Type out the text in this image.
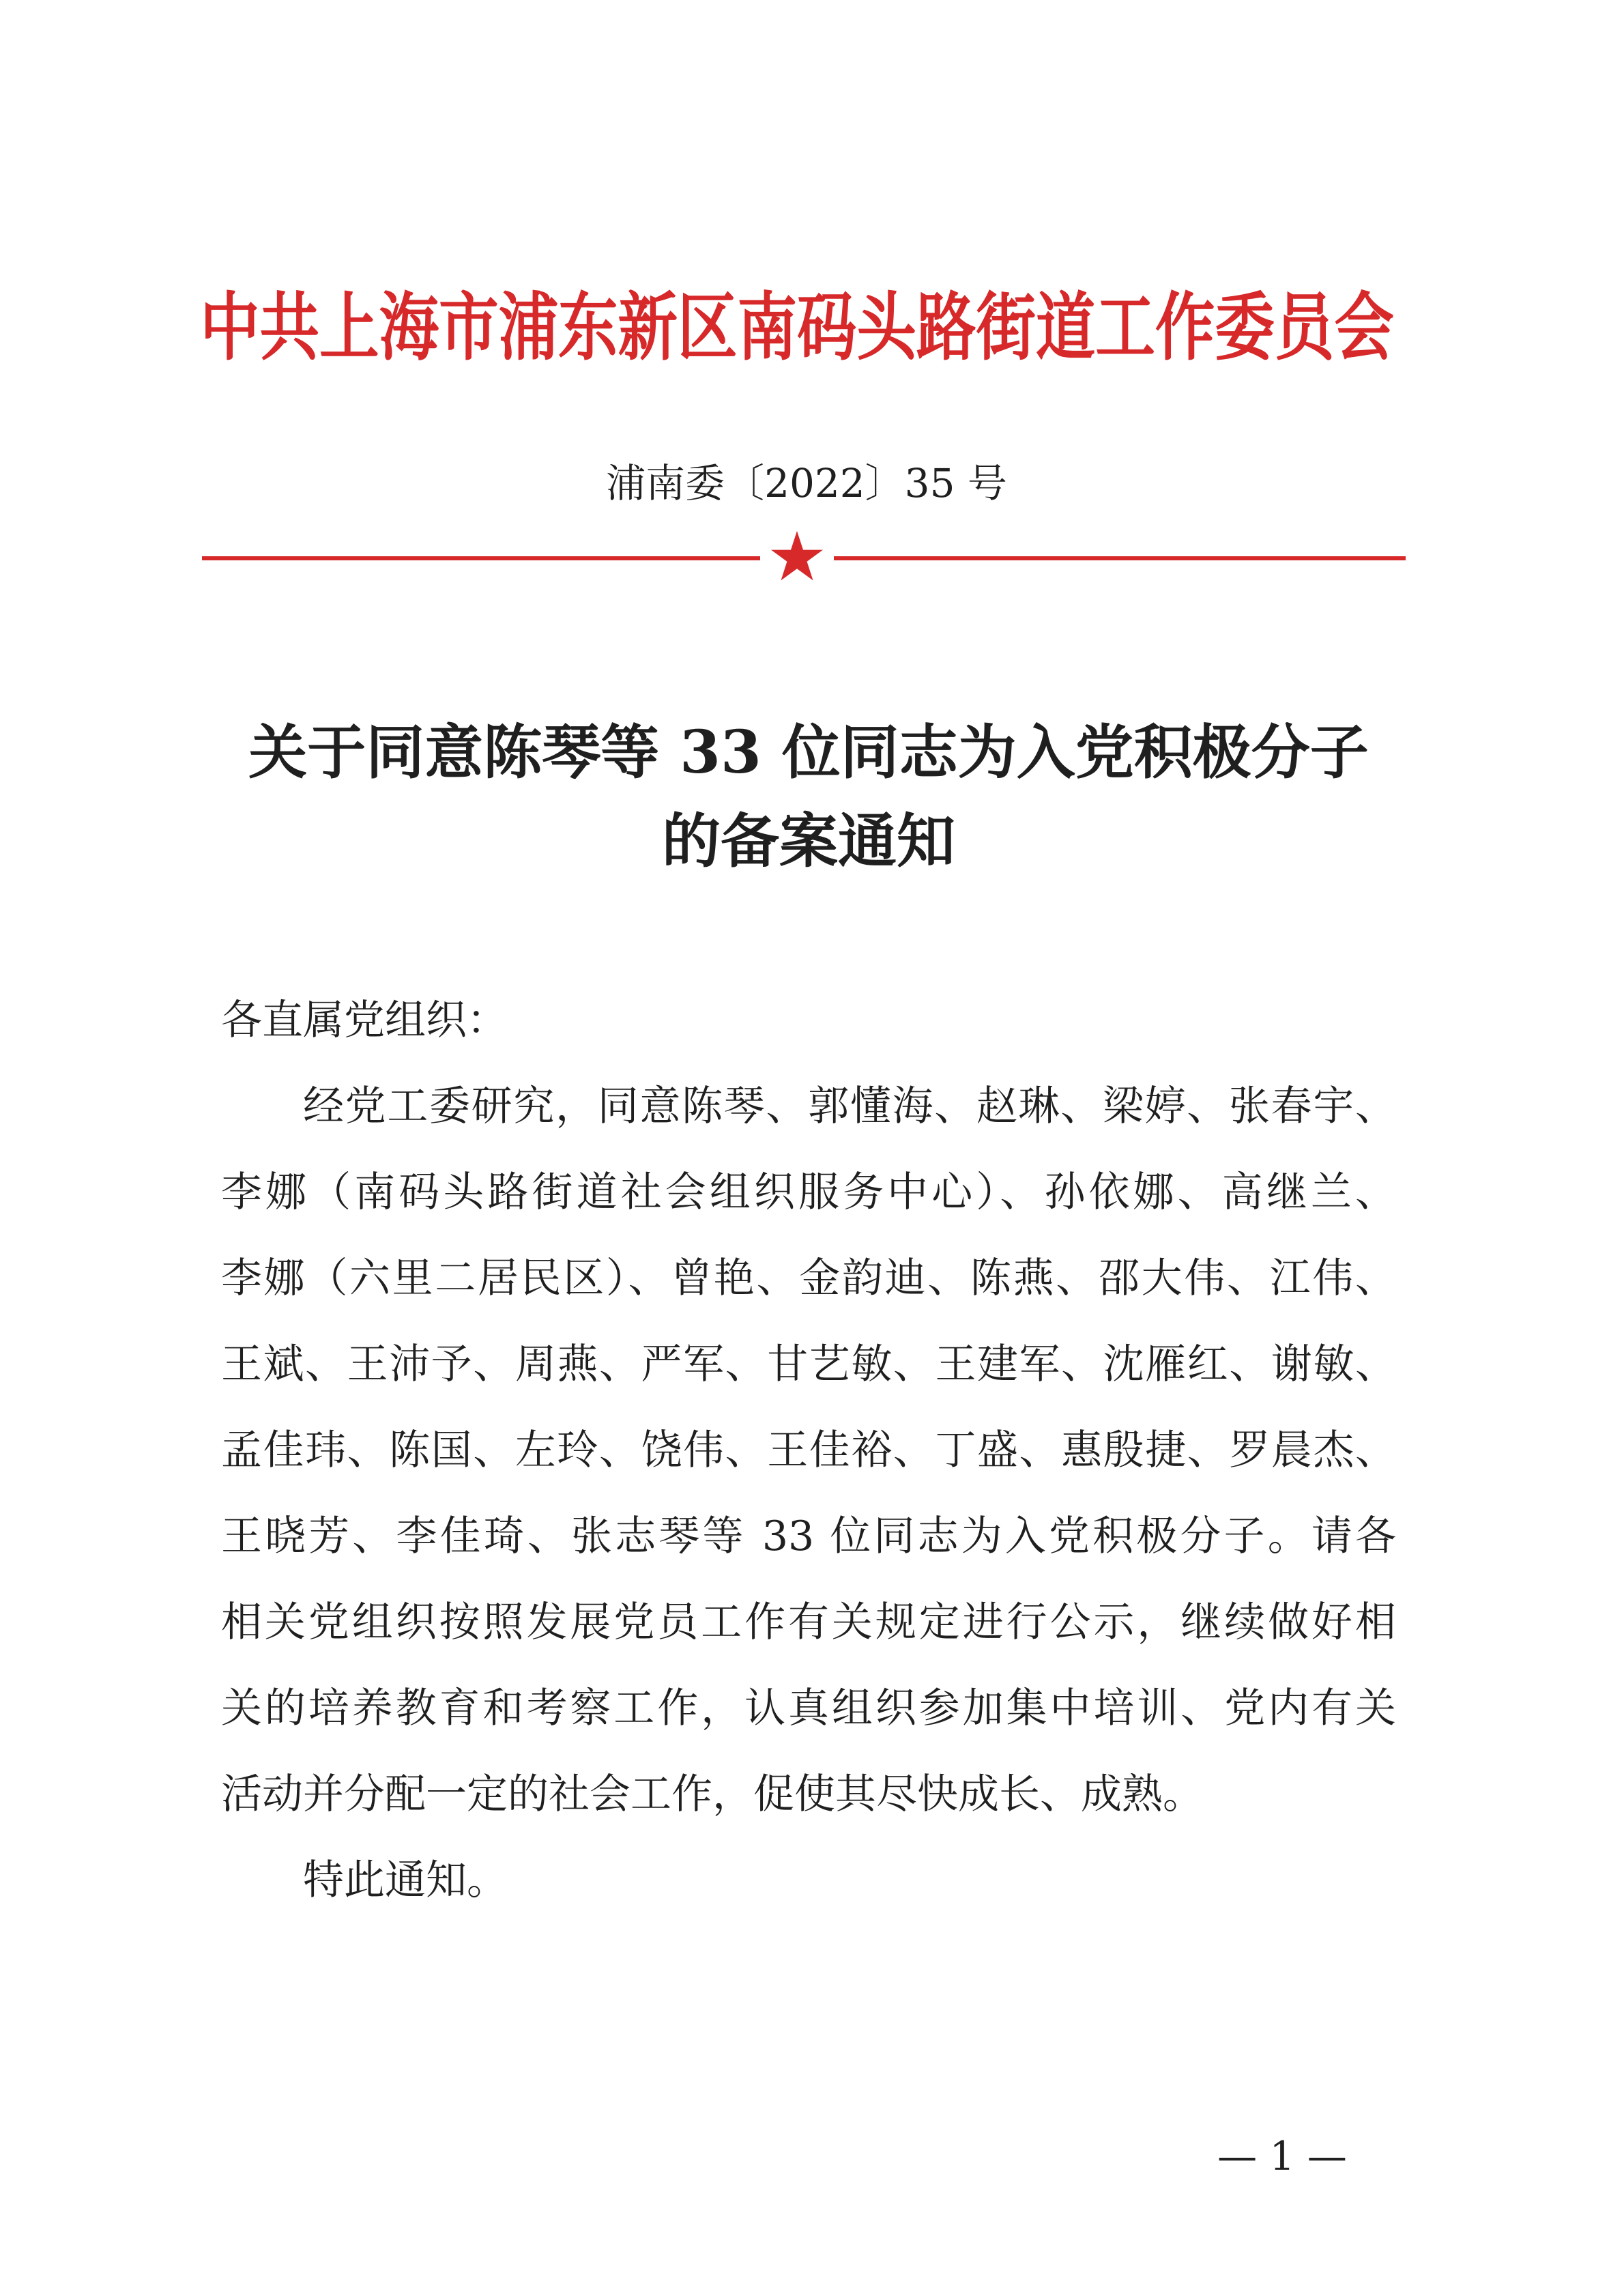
中共上海市浦东新区南码头路街道工作委员会
浦南委〔2022〕35 号
关于同意陈琴等 33 位同志为入党积极分子
的备案通知
各直属党组织：
经党工委研究，同意陈琴、郭懂海、赵琳、梁婷、张春宇、
李娜（南码头路街道社会组织服务中心）、孙依娜、高继兰、
李娜（六里二居民区）、曾艳、金韵迪、陈燕、邵大伟、江伟、
王斌、王沛予、周燕、严军、甘艺敏、王建军、沈雁红、谢敏、
孟佳玮、陈国、左玲、饶伟、王佳裕、丁盛、惠殷捷、罗晨杰、
王晓芳、李佳琦、张志琴等 33 位同志为入党积极分子。请各
相关党组织按照发展党员工作有关规定进行公示，继续做好相
关的培养教育和考察工作，认真组织参加集中培训、党内有关
活动并分配一定的社会工作，促使其尽快成长、成熟。
特此通知。
— 1 —
